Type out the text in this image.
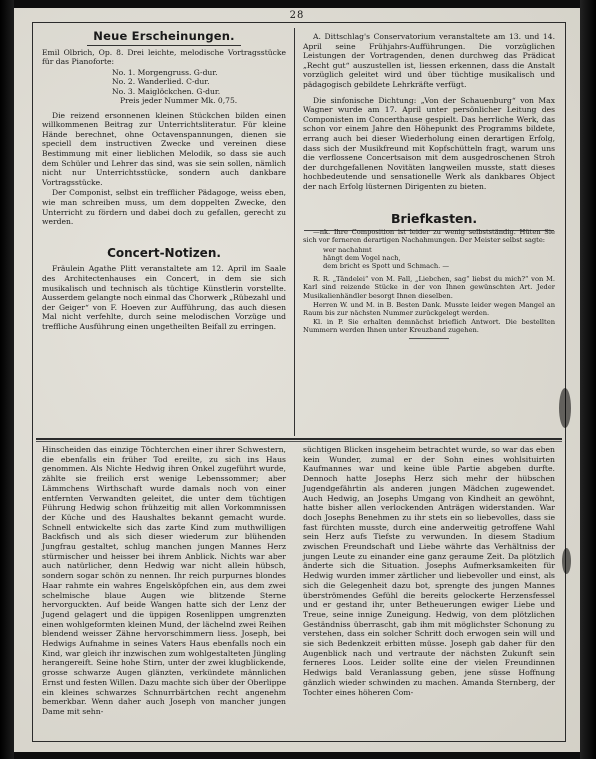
28
Neue Erscheinungen.

Emil Olbrich, Op. 8. Drei leichte, melodische Vortragsstücke für das Pianoforte:

No. 1. Morgengruss. G-dur.
No. 2. Wanderlied. C-dur.
No. 3. Maiglöckchen. G-dur.
Preis jeder Nummer Mk. 0,75.

Die reizend ersonnenen kleinen Stückchen bilden einen willkommenen Beitrag zur Unterrichtsliteratur. Für kleine Hände berechnet, ohne Octavenspannungen, dienen sie speciell dem instructiven Zwecke und vereinen diese Bestimmung mit einer lieblichen Melodik, so dass sie auch dem Schüler und Lehrer das sind, was sie sein sollen, nämlich nicht nur Unterrichtsstücke, sondern auch dankbare Vortragsstücke.

Der Componist, selbst ein trefflicher Pädagoge, weiss eben, wie man schreiben muss, um dem doppelten Zwecke, den Unterricht zu fördern und dabei doch zu gefallen, gerecht zu werden.

Concert-Notizen.

Fräulein Agathe Plitt veranstaltete am 12. April im Saale des Architectenhauses ein Concert, in dem sie sich musikalisch und technisch als tüchtige Künstlerin vorstellte. Ausserdem gelangte noch einmal das Chorwerk „Rübezahl und der Geiger“ von F. Hoeven zur Aufführung, das auch diesen Mal nicht verfehlte, durch seine melodischen Vorzüge und treffliche Ausführung einen ungetheilten Beifall zu erringen.

A. Dittschlag's Conservatorium veranstaltete am 13. und 14. April seine Frühjahrs-Aufführungen. Die vorzüglichen Leistungen der Vortragenden, denen durchweg das Prädicat „Recht gut“ auszustellen ist, liessen erkennen, dass die Anstalt vorzüglich geleitet wird und über tüchtige musikalisch und pädagogisch gebildete Lehrkräfte verfügt.

Die sinfonische Dichtung: „Von der Schauenburg“ von Max Wagner wurde am 17. April unter persönlicher Leitung des Componisten im Concerthause gespielt. Das herrliche Werk, das schon vor einem Jahre den Höhepunkt des Programms bildete, errang auch bei dieser Wiederholung einen derartigen Erfolg, dass sich der Musikfreund mit Kopfschütteln fragt, warum uns die verflossene Concertsaison mit dem ausgedroschenen Stroh der durchgefallenen Novitäten langweilen musste, statt dieses hochbedeutende und sensationelle Werk als dankbares Object der nach Erfolg lüsternen Dirigenten zu bieten.

Briefkasten.

—nk. Ihre Composition ist leider zu wenig selbstständig. Hüten Sie sich vor ferneren derartigen Nachahmungen. Der Meister selbst sagte:

wer nachahmt
hängt dem Vogel nach,
dem bricht es Spott und Schmach. —

R. R. „Tändelei“ von M. Fall, „Liebchen, sag“ liebst du mich?“ von M. Karl sind reizende Stücke in der von Ihnen gewünschten Art. Jeder Musikalienhändler besorgt Ihnen dieselben.

Herren W. und M. in B. Besten Dank. Musste leider wegen Mangel an Raum bis zur nächsten Nummer zurückgelegt werden.

Kl. in P. Sie erhalten demnächst brieflich Antwort. Die bestellten Nummern werden Ihnen unter Kreuzband zugehen.

Hinscheiden das einzige Töchterchen einer ihrer Schwestern, die ebenfalls ein früher Tod ereilte, zu sich ins Haus genommen. Als Nichte Hedwig ihren Onkel zugeführt wurde, zählte sie freilich erst wenige Lebenssommer; aber Lämmchens Wirthschaft wurde damals noch von einer entfernten Verwandten geleitet, die unter dem tüchtigen Führung Hedwig schon frühzeitig mit allen Vorkommnissen der Küche und des Haushaltes bekannt gemacht wurde. Schnell entwickelte sich das zarte Kind zum muthwilligen Backfisch und als sich dieser wiederum zur blühenden Jungfrau gestaltet, schlug manchen jungen Mannes Herz stürmischer und heisser bei ihrem Anblick. Nichts war aber auch natürlicher, denn Hedwig war nicht allein hübsch, sondern sogar schön zu nennen. Ihr reich purpurnes blondes Haar rahmte ein wahres Engelsköpfchen ein, aus dem zwei schelmische blaue Augen wie blitzende Sterne hervorguckten. Auf beide Wangen hatte sich der Lenz der Jugend gelagert und die üppigen Rosenlippen umgrenzten einen wohlgeformten kleinen Mund, der lächelnd zwei Reihen blendend weisser Zähne hervorschimmern liess. Joseph, bei Hedwigs Aufnahme in seines Vaters Haus ebenfalls noch ein Kind, war gleich ihr inzwischen zum wohlgestalteten Jüngling herangereift. Seine hohe Stirn, unter der zwei klugblickende, grosse schwarze Augen glänzten, verkündete männlichen Ernst und festen Willen. Dazu machte sich über der Oberlippe ein kleines schwarzes Schnurrbärtchen recht angenehm bemerkbar. Wenn daher auch Joseph von mancher jungen Dame mit sehn-

süchtigen Blicken insgeheim betrachtet wurde, so war das eben kein Wunder, zumal er der Sohn eines wohlsituirten Kaufmannes war und keine üble Partie abgeben durfte. Dennoch hatte Josephs Herz sich mehr der hübschen Jugendgefährtin als anderen jungen Mädchen zugewendet. Auch Hedwig, an Josephs Umgang von Kindheit an gewöhnt, hatte bisher allen verlockenden Anträgen widerstanden. War doch Josephs Benehmen zu ihr stets ein so liebevolles, dass sie fast fürchten musste, durch eine anderweitig getroffene Wahl sein Herz aufs Tiefste zu verwunden. In diesem Stadium zwischen Freundschaft und Liebe währte das Verhältniss der jungen Leute zu einander eine ganz geraume Zeit. Da plötzlich änderte sich die Situation. Josephs Aufmerksamkeiten für Hedwig wurden immer zärtlicher und liebevoller und einst, als sich die Gelegenheit dazu bot, sprengte des jungen Mannes überströmendes Gefühl die bereits gelockerte Herzensfessel und er gestand ihr, unter Betheuerungen ewiger Liebe und Treue, seine innige Zuneigung. Hedwig, von dem plötzlichen Geständniss überrascht, gab ihm mit möglichster Schonung zu verstehen, dass ein solcher Schritt doch erwogen sein will und sie sich Bedenkzeit erbitten müsse. Joseph gab daher für den Augenblick nach und vertraute der nächsten Zukunft sein ferneres Loos. Leider sollte eine der vielen Freundinnen Hedwigs bald Veranlassung geben, jene süsse Hoffnung gänzlich wieder schwinden zu machen. Amanda Sternberg, der Tochter eines höheren Com-
